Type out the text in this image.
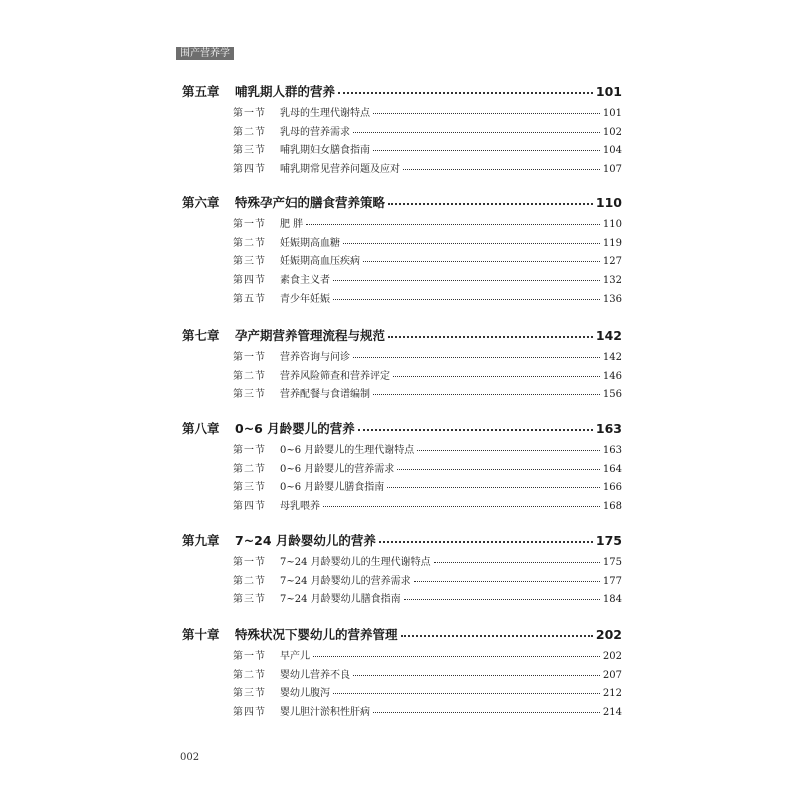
围产营养学
第五章	哺乳期人群的营养	101
第一节	乳母的生理代谢特点	101
第二节	乳母的营养需求	102
第三节	哺乳期妇女膳食指南	104
第四节	哺乳期常见营养问题及应对	107
第六章	特殊孕产妇的膳食营养策略	110
第一节	肥 胖	110
第二节	妊娠期高血糖	119
第三节	妊娠期高血压疾病	127
第四节	素食主义者	132
第五节	青少年妊娠	136
第七章	孕产期营养管理流程与规范	142
第一节	营养咨询与问诊	142
第二节	营养风险筛查和营养评定	146
第三节	营养配餐与食谱编制	156
第八章	0~6 月龄婴儿的营养	163
第一节	0~6 月龄婴儿的生理代谢特点	163
第二节	0~6 月龄婴儿的营养需求	164
第三节	0~6 月龄婴儿膳食指南	166
第四节	母乳喂养	168
第九章	7~24 月龄婴幼儿的营养	175
第一节	7~24 月龄婴幼儿的生理代谢特点	175
第二节	7~24 月龄婴幼儿的营养需求	177
第三节	7~24 月龄婴幼儿膳食指南	184
第十章	特殊状况下婴幼儿的营养管理	202
第一节	早产儿	202
第二节	婴幼儿营养不良	207
第三节	婴幼儿腹泻	212
第四节	婴儿胆汁淤积性肝病	214
002
